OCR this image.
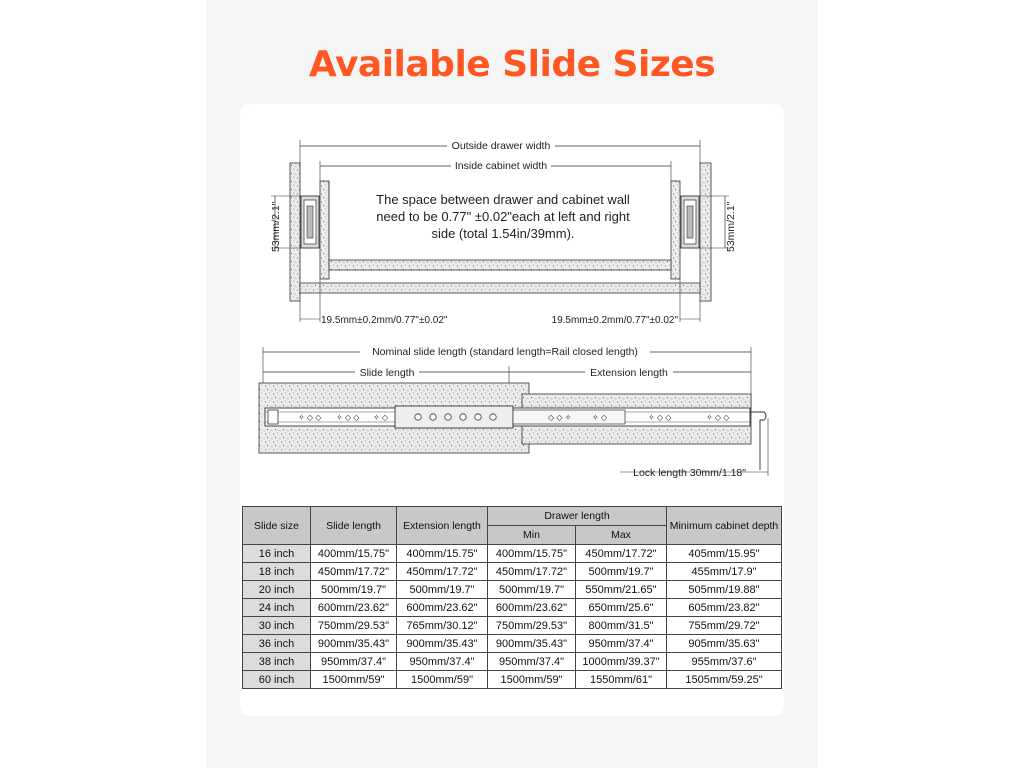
Available Slide Sizes
Outside drawer width
Inside cabinet width
The space between drawer and cabinet wall
need to be 0.77" ±0.02"each at left and right
side (total 1.54in/39mm).
53mm/2.1"	53mm/2.1"
19.5mm±0.2mm/0.77"±0.02"	19.5mm±0.2mm/0.77"±0.02"
Nominal slide length (standard length=Rail closed length)
Slide length	Extension length
✧ ◇ ◇ ✧ ◇ ◇ ✧ ◇	◇ ◇ ✧	✧ ◇	✧ ◇ ◇	✧ ◇ ◇
Lock length 30mm/1.18"
Slide size	Slide length	Extension length	Drawer length		Minimum cabinet depth
			Min	Max	
16 inch	400mm/15.75"	400mm/15.75"	400mm/15.75"	450mm/17.72"	405mm/15.95"
18 inch	450mm/17.72"	450mm/17.72"	450mm/17.72"	500mm/19.7"	455mm/17.9"
20 inch	500mm/19.7"	500mm/19.7"	500mm/19.7"	550mm/21.65"	505mm/19.88"
24 inch	600mm/23.62"	600mm/23.62"	600mm/23.62"	650mm/25.6"	605mm/23.82"
30 inch	750mm/29.53"	765mm/30.12"	750mm/29.53"	800mm/31.5"	755mm/29.72"
36 inch	900mm/35.43"	900mm/35.43"	900mm/35.43"	950mm/37.4"	905mm/35.63"
38 inch	950mm/37.4"	950mm/37.4"	950mm/37.4"	1000mm/39.37"	955mm/37.6"
60 inch	1500mm/59"	1500mm/59"	1500mm/59"	1550mm/61"	1505mm/59.25"
